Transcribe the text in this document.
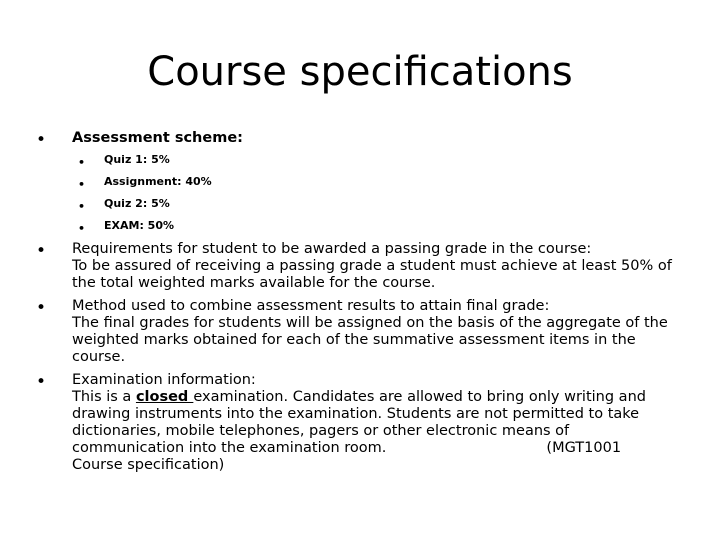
Course specifications
• Assessment scheme:
• Quiz 1: 5%
• Assignment: 40%
• Quiz 2: 5%
• EXAM: 50%
• Requirements for student to be awarded a passing grade in the course:
To be assured of receiving a passing grade a student must achieve at least 50% of the total weighted marks available for the course.
• Method used to combine assessment results to attain final grade:
The final grades for students will be assigned on the basis of the aggregate of the weighted marks obtained for each of the summative assessment items in the course.
• Examination information:
This is a closed examination. Candidates are allowed to bring only writing and drawing instruments into the examination. Students are not permitted to take dictionaries, mobile telephones, pagers or other electronic means of communication into the examination room.	(MGT1001
Course specification)
